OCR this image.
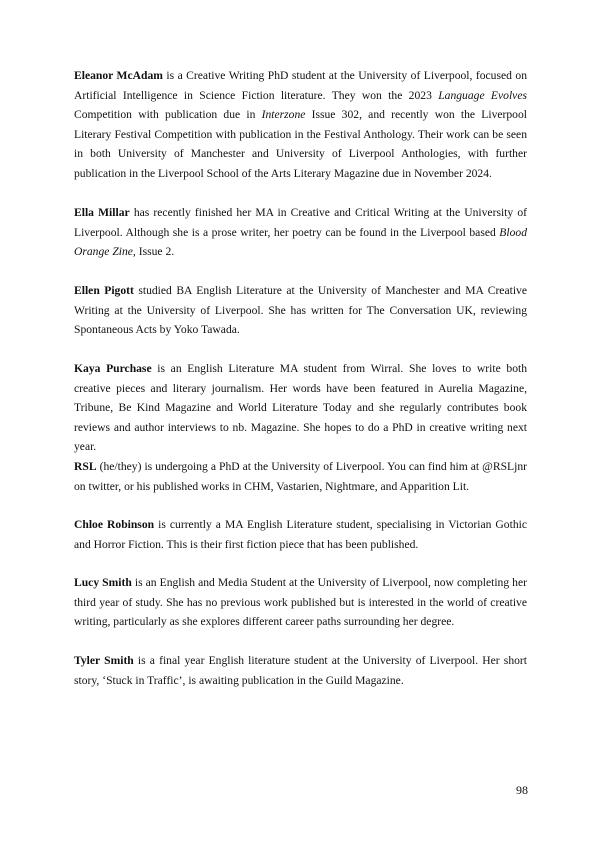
Eleanor McAdam is a Creative Writing PhD student at the University of Liverpool, focused on Artificial Intelligence in Science Fiction literature. They won the 2023 Language Evolves Competition with publication due in Interzone Issue 302, and recently won the Liverpool Literary Festival Competition with publication in the Festival Anthology. Their work can be seen in both University of Manchester and University of Liverpool Anthologies, with further publication in the Liverpool School of the Arts Literary Magazine due in November 2024.

Ella Millar has recently finished her MA in Creative and Critical Writing at the University of Liverpool. Although she is a prose writer, her poetry can be found in the Liverpool based Blood Orange Zine, Issue 2.

Ellen Pigott studied BA English Literature at the University of Manchester and MA Creative Writing at the University of Liverpool. She has written for The Conversation UK, reviewing Spontaneous Acts by Yoko Tawada.

Kaya Purchase is an English Literature MA student from Wirral. She loves to write both creative pieces and literary journalism. Her words have been featured in Aurelia Magazine, Tribune, Be Kind Magazine and World Literature Today and she regularly contributes book reviews and author interviews to nb. Magazine. She hopes to do a PhD in creative writing next year.

RSL (he/they) is undergoing a PhD at the University of Liverpool. You can find him at @RSLjnr on twitter, or his published works in CHM, Vastarien, Nightmare, and Apparition Lit.

Chloe Robinson is currently a MA English Literature student, specialising in Victorian Gothic and Horror Fiction. This is their first fiction piece that has been published.

Lucy Smith is an English and Media Student at the University of Liverpool, now completing her third year of study. She has no previous work published but is interested in the world of creative writing, particularly as she explores different career paths surrounding her degree.

Tyler Smith is a final year English literature student at the University of Liverpool. Her short story, ‘Stuck in Traffic’, is awaiting publication in the Guild Magazine.

98
